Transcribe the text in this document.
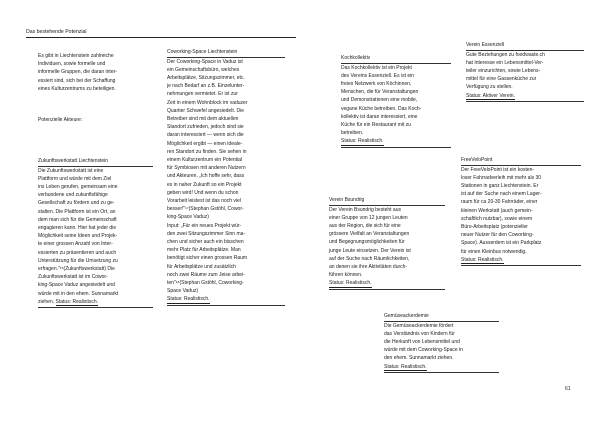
Das bestehende Potenzial

Es gibt in Liechtenstein zahlreiche

Individuen, sowie formelle und

informelle Gruppen, die daran inter-

essiert sind, sich bei der Schaffung

eines Kulturzentrums zu beteiligen.

Potenzielle Akteure:
Zukunftswerkstatt Liechtenstein

Die Zukunftswerkstatt ist eine

Plattform und würde mit dem Ziel

ins Leben gerufen, gemeinsam eine

verbundene und zukunftsfähige

Gesellschaft zu fördern und zu ge-

stalten. Die Plattform ist ein Ort, an

dem man sich für die Gemeinschaft

engagieren kann. Hier hat jeder die

Möglichkeit seine Ideen und Projek-

te einer grossen Anzahl von Inter-

essierten zu präsentieren und auch

Unterstützung für die Umsetzung zu

erfragen."¹⁵(Zukunftswerkstatt) Die

Zukunftswerkstatt ist im Cowor-

king-Space Vaduz angesiedelt und

würde mit in den ehem. Sunnamarkt

ziehen. Status: Realistisch.

Coworking-Space Liechtenstein

Der Coworking-Space in Vaduz ist

ein Gemeinschaftsbüro, welches

Arbeitsplätze, Sitzungszimmer, etc.

je nach Bedarf an z.B. Einzelunter-

nehmungen vermietet. Er ist zur

Zeit in einem Wohnblock im vaduzer

Quartier Schwefel angesiedelt. Die

Betreiber sind mit dem aktuellen

Standort zufrieden, jedoch sind sie

daran interessiert — wenn sich die

Möglichkeit ergibt — einen ideale-

ren Standort zu finden. Sie sehen in

einem Kulturzentrum ein Potential

für Symbiosen mit anderen Nutzern

und Akteuren. „Ich hoffe sehr, dass

es in naher Zukunft so ein Projekt

geben wird! Und wenn du schon

Vorarbeit leistest ist das noch viel

besser!"¹⁷(Stephan Gstöhl, Cowor-

king-Space Vaduz)

Input: „Für ein neues Projekt wür-

den zwei Sitzungszimmer Sinn ma-

chen und sicher auch ein bisschen

mehr Platz für Arbeitsplätze. Man

benötigt sicher einen grossen Raum

für Arbeitsplätze und zusätzlich

noch zwei Räume zum Jeise arbei-

ten"¹⁸(Stephan Gstöhl, Coworking-

Space Vaduz)

Status: Realistisch.

Kochkollektiv

Das Kochkollektiv ist ein Projekt

des Vereins Essenziell. Es ist ein

freies Netzwerk von Köchinnen,

Menschen, die für Veranstaltungen

und Demonstrationen eine mobile,

vegane Küche betreiben. Das Koch-

kollektiv ist daran interessiert, eine

Küche für ein Restaurant mit zu

betreiben.

Status: Realistisch.

Verein Bsundrig

Der Verein Bsundrig besteht aus

einer Gruppe von 12 jungen Leuten

aus der Region, die sich für eine

grössere Vielfalt an Veranstaltungen

und Begegnungsmöglichkeiten für

junge Leute einsetzen. Der Verein ist

auf der Suche nach Räumlichkeiten,

an denen sie ihre Aktivitäten durch-

führen können.

Status: Realistisch.

Verein Essenziell

Gute Beziehungen zu foodwaste.ch

hat Interesse ein Lebensmittel-Ver-

teiler einzurichten, sowie Lebens-

mittel für eine Gassenküche zur

Verfügung zu stellen.

Status: Aktiver Verein.

FreeVeloPoint

Der FreeVeloPoint ist ein kosten-

loser Fahrradverleih mit mehr als 30

Stationen in ganz Liechtenstein. Er

ist auf der Suche nach einem Lager-

raum für ca 20-30 Fahrräder, einer

kleinen Werkstatt (auch gemein-

schaftlich nutzbar), sowie einem

Büro-Arbeitsplatz (potenzieller

neuer Nutzer für den Coworking-

Space). Ausserdem ist ein Parkplatz

für einen Kleinbus notwendig.

Status: Realistisch.

Gemüseackerdemie

Die Gemüseackerdemie fördert

das Verständnis von Kindern für

die Herkunft von Lebensmittel und

würde mit dem Coworking-Space in

den ehem. Sunnamarkt ziehen.

Status: Realistisch.

61
